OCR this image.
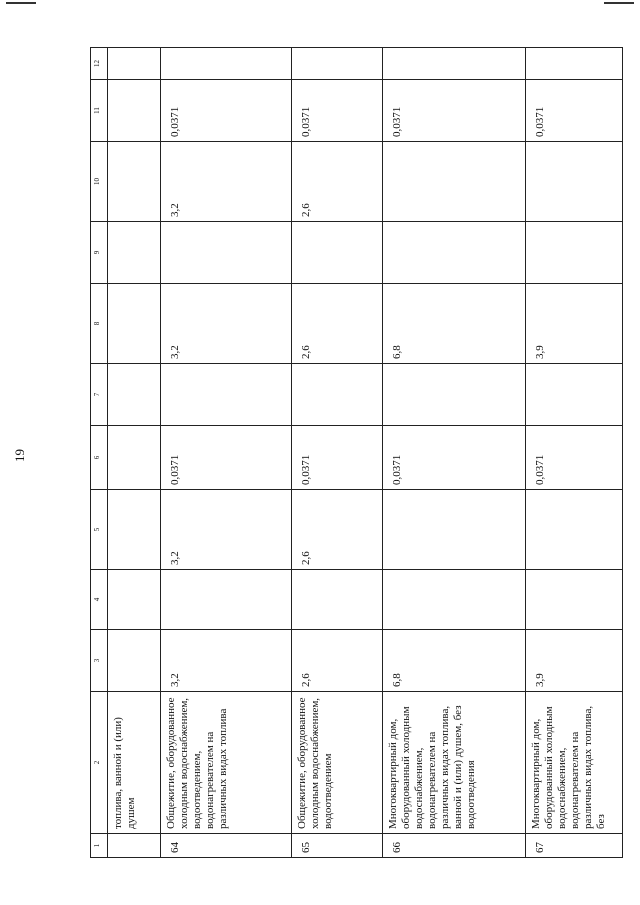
19
1	2	3	4	5	6	7	8	9	10	11	12
	топлива, ванной и (или) душем										
64	Общежитие, оборудованное холодным водоснабжением, водоотведением, водонагревателем на различных видах топлива	3,2		3,2	0,0371		3,2		3,2	0,0371	
65	Общежитие, оборудованное холодным водоснабжением, водоотведением	2,6		2,6	0,0371		2,6		2,6	0,0371	
66	Многоквартирный дом, оборудованный холодным водоснабжением, водонагревателем на различных видах топлива, ванной и (или) душем, без водоотведения	6,8			0,0371		6,8			0,0371	
67	Многоквартирный дом, оборудованный холодным водоснабжением, водонагревателем на различных видах топлива, без	3,9			0,0371		3,9			0,0371	
